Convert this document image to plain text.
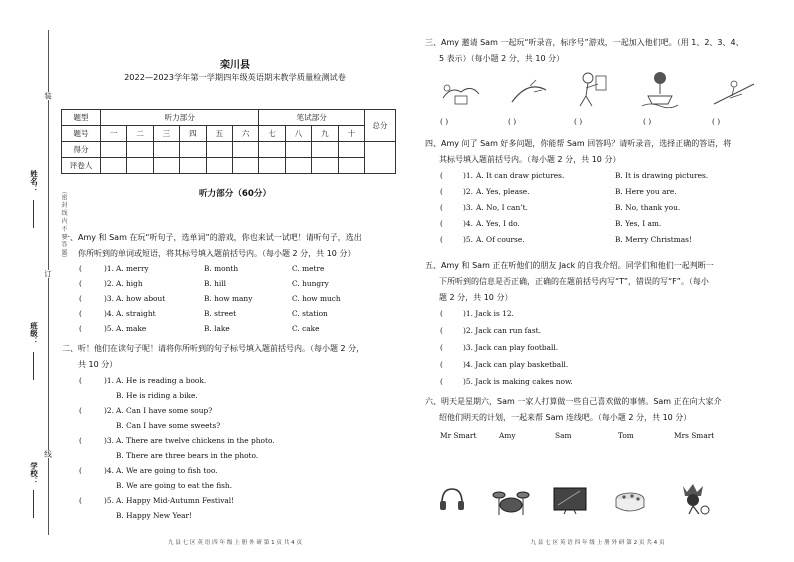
装
订
线
（密 封 线 内 不 要 答 题）
姓名：
班级：
学校：
栾川县
2022—2023学年第一学期四年级英语期末教学质量检测试卷
题型	听力部分						笔试部分				总分
题号	一	二	三	四	五	六	七	八	九	十	
得分											
评卷人											
听力部分（60分）
一、Amy 和 Sam 在玩“听句子，选单词”的游戏，你也来试一试吧！请听句子，选出
你所听到的单词或短语，将其标号填入题前括号内。（每小题 2 分，共 10 分）
(	)1. A. merry	B. month	C. metre
(	)2. A. high	B. hill	C. hungry
(	)3. A. how about	B. how many	C. how much
(	)4. A. straight	B. street	C. station
(	)5. A. make	B. lake	C. cake
二、听！他们在读句子呢！请将你所听到的句子标号填入题前括号内。（每小题 2 分，
共 10 分）
(	)1. A. He is reading a book.
B. He is riding a bike.
(	)2. A. Can I have some soup?
B. Can I have some sweets?
(	)3. A. There are twelve chickens in the photo.
B. There are three bears in the photo.
(	)4. A. We are going to fish too.
B. We are going to eat the fish.
(	)5. A. Happy Mid-Autumn Festival!
B. Happy New Year!
九 县 七 区 英 语 四 年 级 上 册 外 研 第 1 页 共 4 页
三、Amy 邀请 Sam 一起玩“听录音，标序号”游戏，一起加入他们吧。（用 1、2、3、4、
5 表示）（每小题 2 分，共 10 分）
( )	( )	( )	( )	( )
四、Amy 问了 Sam 好多问题，你能帮 Sam 回答吗？请听录音，选择正确的答语，将
其标号填入题前括号内。（每小题 2 分，共 10 分）
(	)1. A. It can draw pictures.	B. It is drawing pictures.
(	)2. A. Yes, please.	B. Here you are.
(	)3. A. No, I can’t.	B. No, thank you.
(	)4. A. Yes, I do.	B. Yes, I am.
(	)5. A. Of course.	B. Merry Christmas!
五、Amy 和 Sam 正在听他们的朋友 Jack 的自我介绍。同学们和他们一起判断一
下所听到的信息是否正确，正确的在题前括号内写“T”，错误的写“F”。（每小
题 2 分，共 10 分）
(	)1. Jack is 12.
(	)2. Jack can run fast.
(	)3. Jack can play football.
(	)4. Jack can play basketball.
(	)5. Jack is making cakes now.
六、明天是星期六，Sam 一家人打算做一些自己喜欢做的事情。Sam 正在向大家介
绍他们明天的计划，一起来帮 Sam 连线吧。（每小题 2 分，共 10 分）
Mr Smart	Amy	Sam	Tom	Mrs Smart
九 县 七 区 英 语 四 年 级 上 册 外 研 第 2 页 共 4 页
